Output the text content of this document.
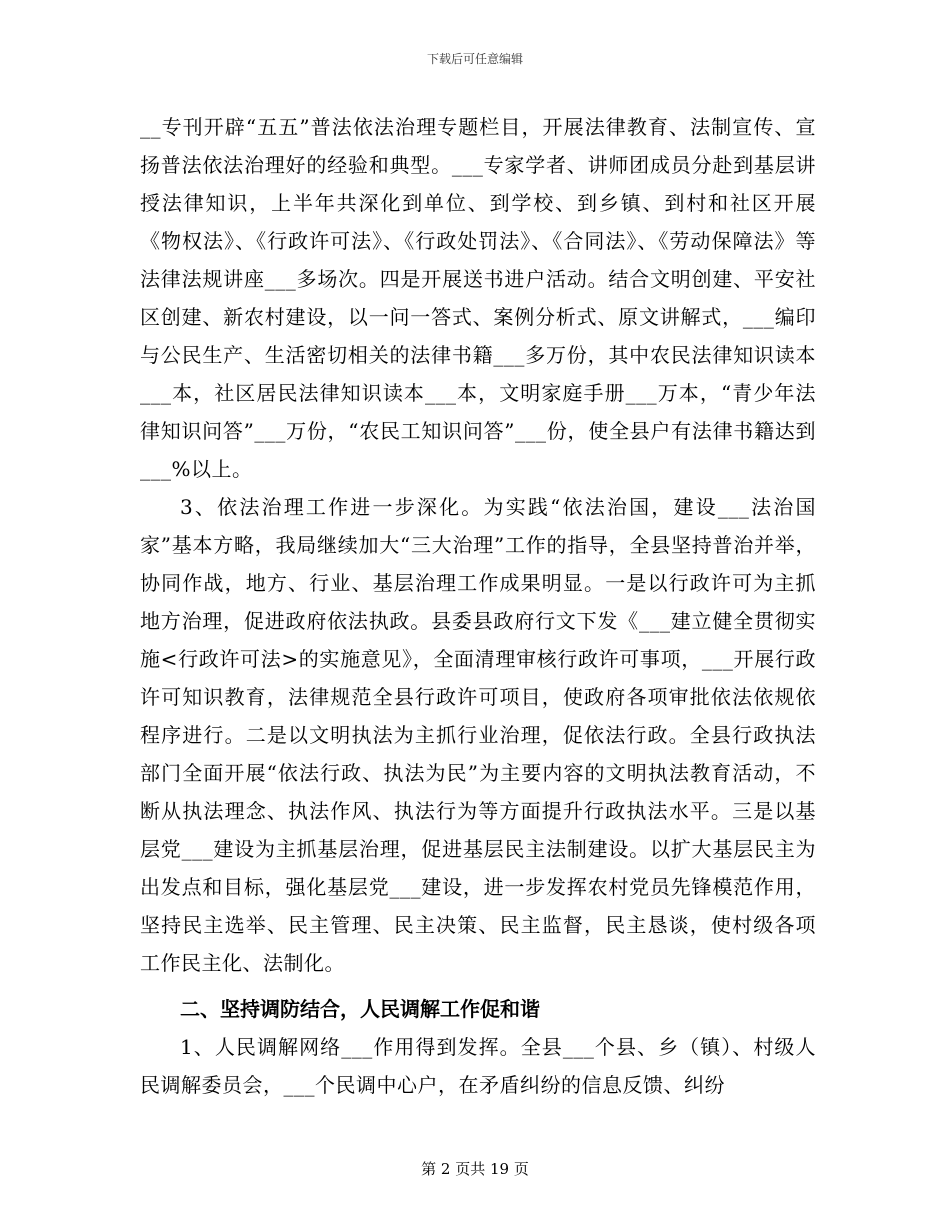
下载后可任意编辑

__专刊开辟“五五”普法依法治理专题栏目，开展法律教育、法制宣传、宣扬普法依法治理好的经验和典型。___专家学者、讲师团成员分赴到基层讲授法律知识，上半年共深化到单位、到学校、到乡镇、到村和社区开展《物权法》、《行政许可法》、《行政处罚法》、《合同法》、《劳动保障法》等法律法规讲座___多场次。四是开展送书进户活动。结合文明创建、平安社区创建、新农村建设，以一问一答式、案例分析式、原文讲解式，___编印与公民生产、生活密切相关的法律书籍___多万份，其中农民法律知识读本___本，社区居民法律知识读本___本，文明家庭手册___万本，“青少年法律知识问答”___万份，“农民工知识问答”___份，使全县户有法律书籍达到___%以上。

3、依法治理工作进一步深化。为实践“依法治国，建设___法治国家”基本方略，我局继续加大“三大治理”工作的指导，全县坚持普治并举，协同作战，地方、行业、基层治理工作成果明显。一是以行政许可为主抓地方治理，促进政府依法执政。县委县政府行文下发《___建立健全贯彻实施<行政许可法>的实施意见》，全面清理审核行政许可事项，___开展行政许可知识教育，法律规范全县行政许可项目，使政府各项审批依法依规依程序进行。二是以文明执法为主抓行业治理，促依法行政。全县行政执法部门全面开展“依法行政、执法为民”为主要内容的文明执法教育活动，不断从执法理念、执法作风、执法行为等方面提升行政执法水平。三是以基层党___建设为主抓基层治理，促进基层民主法制建设。以扩大基层民主为出发点和目标，强化基层党___建设，进一步发挥农村党员先锋模范作用，坚持民主选举、民主管理、民主决策、民主监督，民主恳谈，使村级各项工作民主化、法制化。

二、坚持调防结合，人民调解工作促和谐

1、人民调解网络___作用得到发挥。全县___个县、乡（镇）、村级人民调解委员会，___个民调中心户，在矛盾纠纷的信息反馈、纠纷

第 2 页共 19 页
